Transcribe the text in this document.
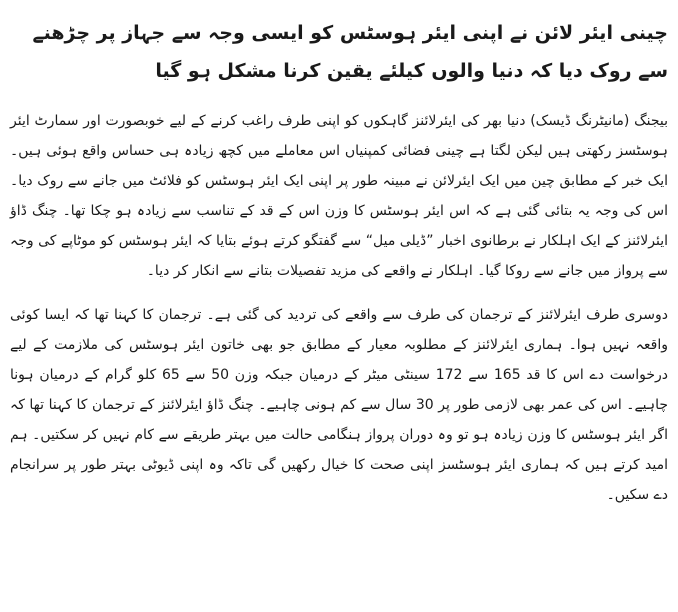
چینی ایئر لائن نے اپنی ایئر ہوسٹس کو ایسی وجہ سے جہاز پر چڑھنے سے روک دیا کہ دنیا والوں کیلئے یقین کرنا مشکل ہو گیا

بیجنگ (مانیٹرنگ ڈیسک) دنیا بھر کی ایئرلائنز گاہکوں کو اپنی طرف راغب کرنے کے لیے خوبصورت اور سمارٹ ایئر ہوسٹسز رکھتی ہیں لیکن لگتا ہے چینی فضائی کمپنیاں اس معاملے میں کچھ زیادہ ہی حساس واقع ہوئی ہیں۔ ایک خبر کے مطابق چین میں ایک ایئرلائن نے مبینہ طور پر اپنی ایک ایئر ہوسٹس کو فلائٹ میں جانے سے روک دیا۔ اس کی وجہ یہ بتائی گئی ہے کہ اس ایئر ہوسٹس کا وزن اس کے قد کے تناسب سے زیادہ ہو چکا تھا۔ چنگ ڈاؤ ایئرلائنز کے ایک اہلکار نے برطانوی اخبار ”ڈیلی میل“ سے گفتگو کرتے ہوئے بتایا کہ ایئر ہوسٹس کو موٹاپے کی وجہ سے پرواز میں جانے سے روکا گیا۔ اہلکار نے واقعے کی مزید تفصیلات بتانے سے انکار کر دیا۔

دوسری طرف ایئرلائنز کے ترجمان کی طرف سے واقعے کی تردید کی گئی ہے۔ ترجمان کا کہنا تھا کہ ایسا کوئی واقعہ نہیں ہوا۔ ہماری ایئرلائنز کے مطلوبہ معیار کے مطابق جو بھی خاتون ایئر ہوسٹس کی ملازمت کے لیے درخواست دے اس کا قد 165 سے 172 سینٹی میٹر کے درمیان جبکہ وزن 50 سے 65 کلو گرام کے درمیان ہونا چاہیے۔ اس کی عمر بھی لازمی طور پر 30 سال سے کم ہونی چاہیے۔ چنگ ڈاؤ ایئرلائنز کے ترجمان کا کہنا تھا کہ اگر ایئر ہوسٹس کا وزن زیادہ ہو تو وہ دوران پرواز ہنگامی حالت میں بہتر طریقے سے کام نہیں کر سکتیں۔ ہم امید کرتے ہیں کہ ہماری ایئر ہوسٹسز اپنی صحت کا خیال رکھیں گی تاکہ وہ اپنی ڈیوٹی بہتر طور پر سرانجام دے سکیں۔
